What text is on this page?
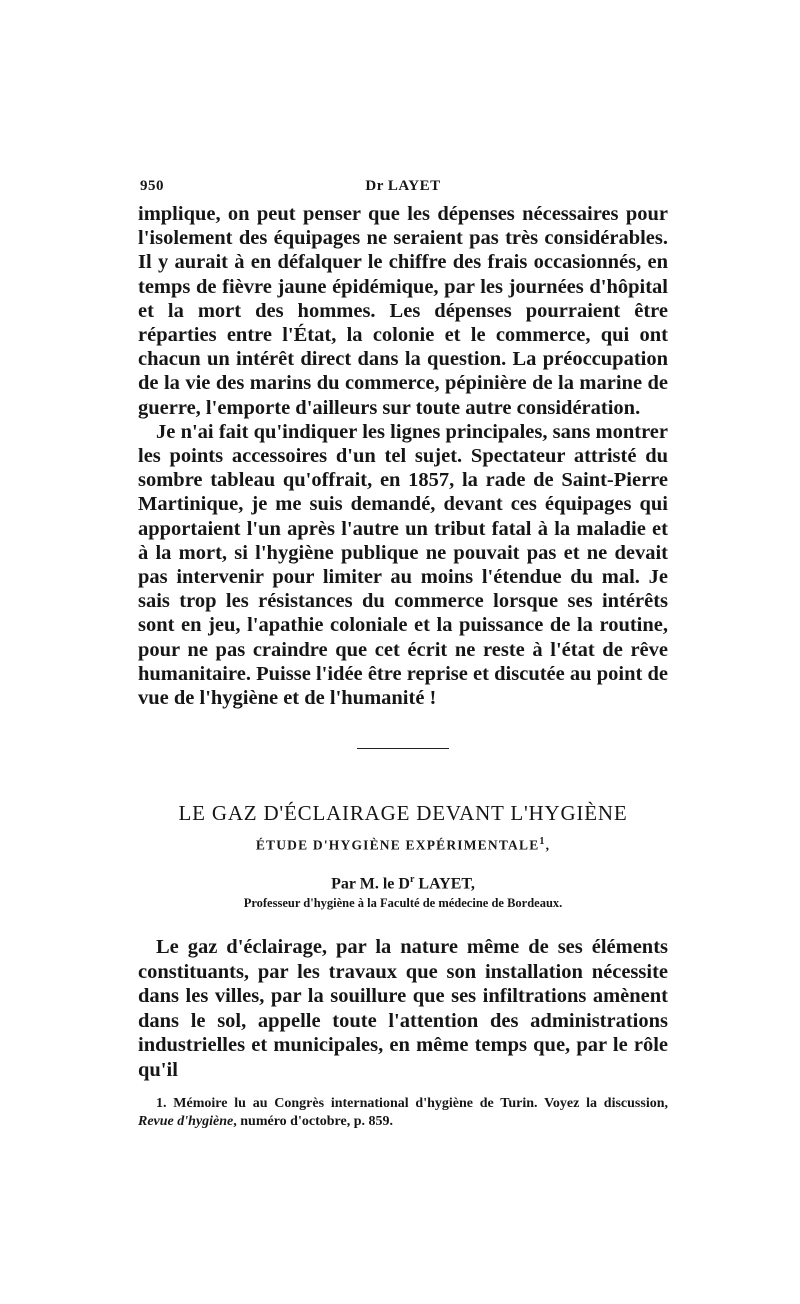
950	Dr LAYET

implique, on peut penser que les dépenses nécessaires pour l'isolement des équipages ne seraient pas très considérables. Il y aurait à en défalquer le chiffre des frais occasionnés, en temps de fièvre jaune épidémique, par les journées d'hôpital et la mort des hommes. Les dépenses pourraient être réparties entre l'État, la colonie et le commerce, qui ont chacun un intérêt direct dans la question. La préoccupation de la vie des marins du commerce, pépinière de la marine de guerre, l'emporte d'ailleurs sur toute autre considération.

Je n'ai fait qu'indiquer les lignes principales, sans montrer les points accessoires d'un tel sujet. Spectateur attristé du sombre tableau qu'offrait, en 1857, la rade de Saint-Pierre Martinique, je me suis demandé, devant ces équipages qui apportaient l'un après l'autre un tribut fatal à la maladie et à la mort, si l'hygiène publique ne pouvait pas et ne devait pas intervenir pour limiter au moins l'étendue du mal. Je sais trop les résistances du commerce lorsque ses intérêts sont en jeu, l'apathie coloniale et la puissance de la routine, pour ne pas craindre que cet écrit ne reste à l'état de rêve humanitaire. Puisse l'idée être reprise et discutée au point de vue de l'hygiène et de l'humanité !

LE GAZ D'ÉCLAIRAGE DEVANT L'HYGIÈNE
ÉTUDE D'HYGIÈNE EXPÉRIMENTALE$^1$,
Par M. le $D^r$ LAYET,
Professeur d'hygiène à la Faculté de médecine de Bordeaux.
Le gaz d'éclairage, par la nature même de ses éléments constituants, par les travaux que son installation nécessite dans les villes, par la souillure que ses infiltrations amènent dans le sol, appelle toute l'attention des administrations industrielles et municipales, en même temps que, par le rôle qu'il
1. Mémoire lu au Congrès international d'hygiène de Turin. Voyez la discussion, Revue d'hygiène, numéro d'octobre, p. 859.
